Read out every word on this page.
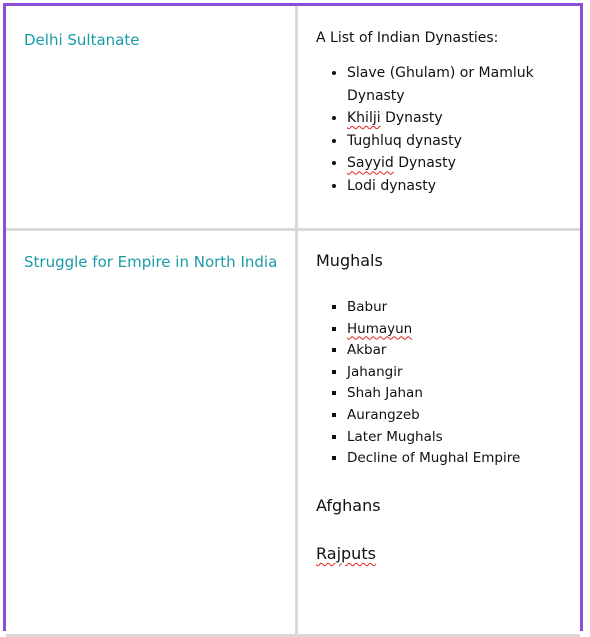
Delhi Sultanate	A List of Indian Dynasties:

• Slave (Ghulam) or Mamluk Dynasty
• Khilji Dynasty
• Tughluq dynasty
• Sayyid Dynasty
• Lodi dynasty
Struggle for Empire in North India Mughals

▪ Babur
▪ Humayun
▪ Akbar
▪ Jahangir
▪ Shah Jahan
▪ Aurangzeb
▪ Later Mughals
▪ Decline of Mughal Empire

Afghans

Rajputs
